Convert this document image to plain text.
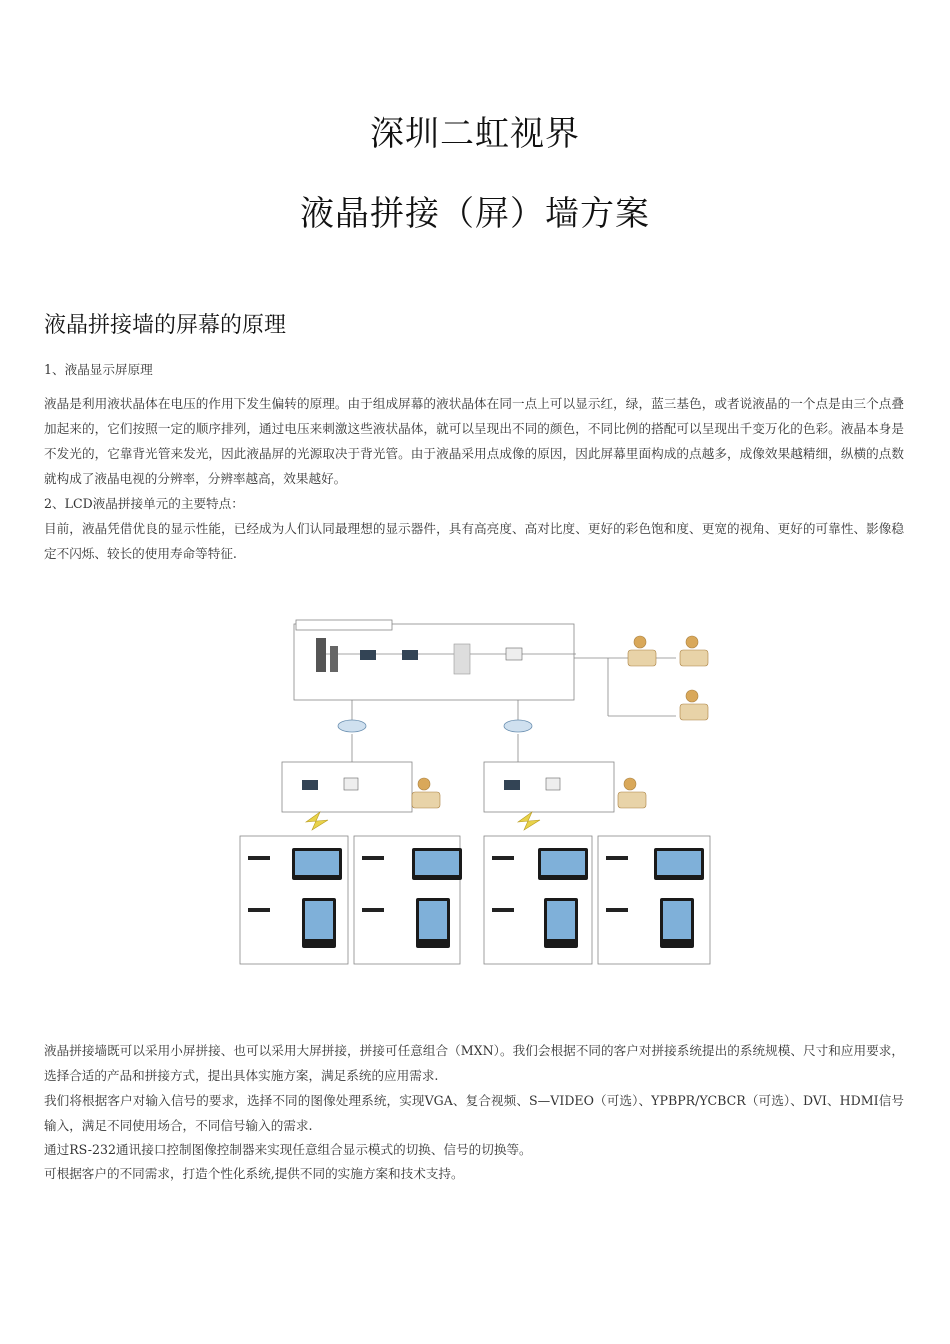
深圳二虹视界
液晶拼接（屏）墙方案
液晶拼接墙的屏幕的原理
1、液晶显示屏原理
液晶是利用液状晶体在电压的作用下发生偏转的原理。由于组成屏幕的液状晶体在同一点上可以显示红，绿，蓝三基色，或者说液晶的一个点是由三个点叠加起来的，它们按照一定的顺序排列，通过电压来刺激这些液状晶体，就可以呈现出不同的颜色，不同比例的搭配可以呈现出千变万化的色彩。液晶本身是不发光的，它靠背光管来发光，因此液晶屏的光源取决于背光管。由于液晶采用点成像的原因，因此屏幕里面构成的点越多，成像效果越精细，纵横的点数就构成了液晶电视的分辨率，分辨率越高，效果越好。
2、LCD液晶拼接单元的主要特点：
目前，液晶凭借优良的显示性能，已经成为人们认同最理想的显示器件，具有高亮度、高对比度、更好的彩色饱和度、更宽的视角、更好的可靠性、影像稳定不闪烁、较长的使用寿命等特征.
液晶拼接墙既可以采用小屏拼接、也可以采用大屏拼接，拼接可任意组合（MXN）。我们会根据不同的客户对拼接系统提出的系统规模、尺寸和应用要求，选择合适的产品和拼接方式，提出具体实施方案，满足系统的应用需求.
我们将根据客户对输入信号的要求，选择不同的图像处理系统，实现VGA、复合视频、S—VIDEO（可选）、YPBPR/YCBCR（可选）、DVI、HDMI信号输入，满足不同使用场合，不同信号输入的需求.
通过RS-232通讯接口控制图像控制器来实现任意组合显示模式的切换、信号的切换等。
可根据客户的不同需求，打造个性化系统,提供不同的实施方案和技术支持。
